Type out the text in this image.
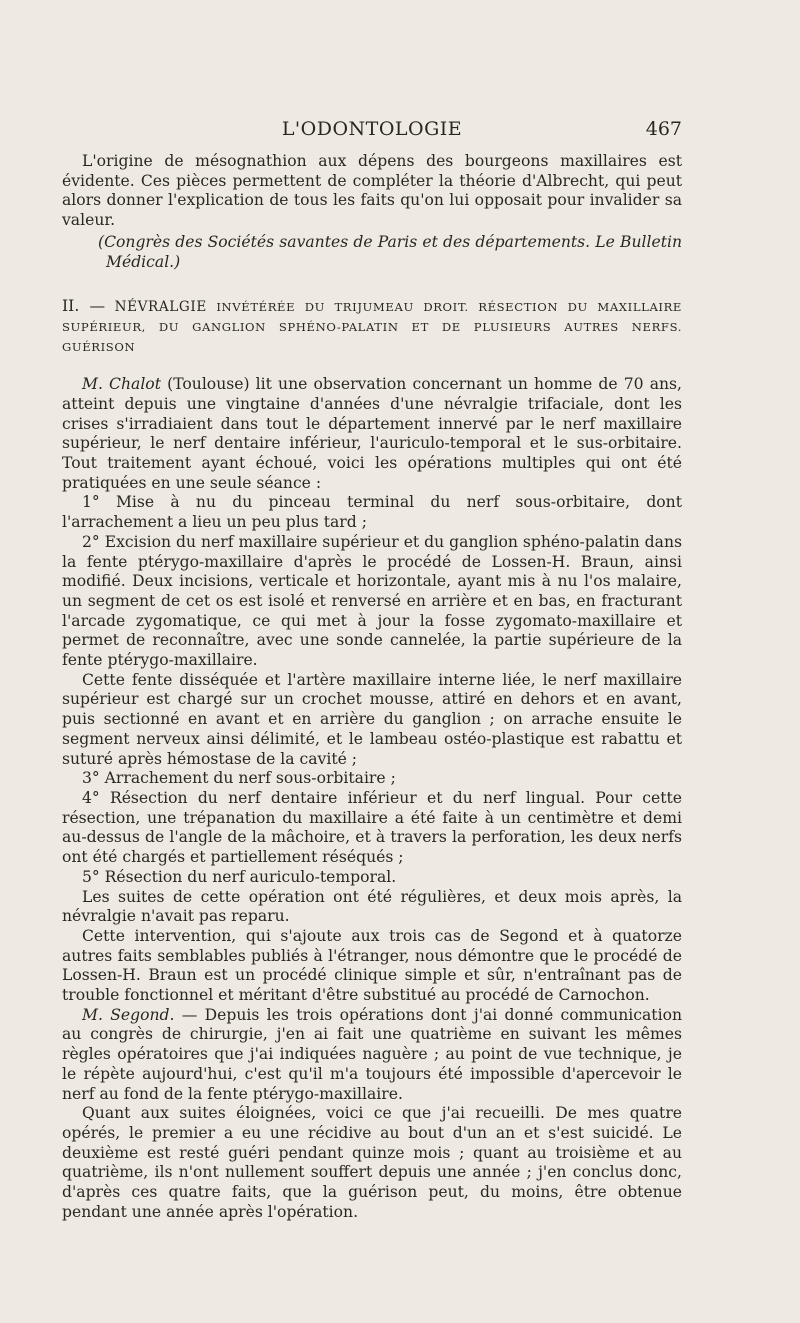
L'ODONTOLOGIE	467

L'origine de mésognathion aux dépens des bourgeons maxillaires est évidente. Ces pièces permettent de compléter la théorie d'Albrecht, qui peut alors donner l'explication de tous les faits qu'on lui opposait pour invalider sa valeur.

(Congrès des Sociétés savantes de Paris et des départements. Le Bulletin Médical.)

II. — NÉVRALGIE INVÉTÉRÉE DU TRIJUMEAU DROIT. RÉSECTION DU MAXILLAIRE SUPÉRIEUR, DU GANGLION SPHÉNO-PALATIN ET DE PLUSIEURS AUTRES NERFS. GUÉRISON

M. Chalot (Toulouse) lit une observation concernant un homme de 70 ans, atteint depuis une vingtaine d'années d'une névralgie trifaciale, dont les crises s'irradiaient dans tout le département innervé par le nerf maxillaire supérieur, le nerf dentaire inférieur, l'auriculo-temporal et le sus-orbitaire. Tout traitement ayant échoué, voici les opérations multiples qui ont été pratiquées en une seule séance :

1° Mise à nu du pinceau terminal du nerf sous-orbitaire, dont l'arrachement a lieu un peu plus tard ;

2° Excision du nerf maxillaire supérieur et du ganglion sphéno-palatin dans la fente ptérygo-maxillaire d'après le procédé de Lossen-H. Braun, ainsi modifié. Deux incisions, verticale et horizontale, ayant mis à nu l'os malaire, un segment de cet os est isolé et renversé en arrière et en bas, en fracturant l'arcade zygomatique, ce qui met à jour la fosse zygomato-maxillaire et permet de reconnaître, avec une sonde cannelée, la partie supérieure de la fente ptérygo-maxillaire.

Cette fente disséquée et l'artère maxillaire interne liée, le nerf maxillaire supérieur est chargé sur un crochet mousse, attiré en dehors et en avant, puis sectionné en avant et en arrière du ganglion ; on arrache ensuite le segment nerveux ainsi délimité, et le lambeau ostéo-plastique est rabattu et suturé après hémostase de la cavité ;

3° Arrachement du nerf sous-orbitaire ;

4° Résection du nerf dentaire inférieur et du nerf lingual. Pour cette résection, une trépanation du maxillaire a été faite à un centimètre et demi au-dessus de l'angle de la mâchoire, et à travers la perforation, les deux nerfs ont été chargés et partiellement réséqués ;

5° Résection du nerf auriculo-temporal.

Les suites de cette opération ont été régulières, et deux mois après, la névralgie n'avait pas reparu.

Cette intervention, qui s'ajoute aux trois cas de Segond et à quatorze autres faits semblables publiés à l'étranger, nous démontre que le procédé de Lossen-H. Braun est un procédé clinique simple et sûr, n'entraînant pas de trouble fonctionnel et méritant d'être substitué au procédé de Carnochon.

M. Segond. — Depuis les trois opérations dont j'ai donné communication au congrès de chirurgie, j'en ai fait une quatrième en suivant les mêmes règles opératoires que j'ai indiquées naguère ; au point de vue technique, je le répète aujourd'hui, c'est qu'il m'a toujours été impossible d'apercevoir le nerf au fond de la fente ptérygo-maxillaire.

Quant aux suites éloignées, voici ce que j'ai recueilli. De mes quatre opérés, le premier a eu une récidive au bout d'un an et s'est suicidé. Le deuxième est resté guéri pendant quinze mois ; quant au troisième et au quatrième, ils n'ont nullement souffert depuis une année ; j'en conclus donc, d'après ces quatre faits, que la guérison peut, du moins, être obtenue pendant une année après l'opération.
